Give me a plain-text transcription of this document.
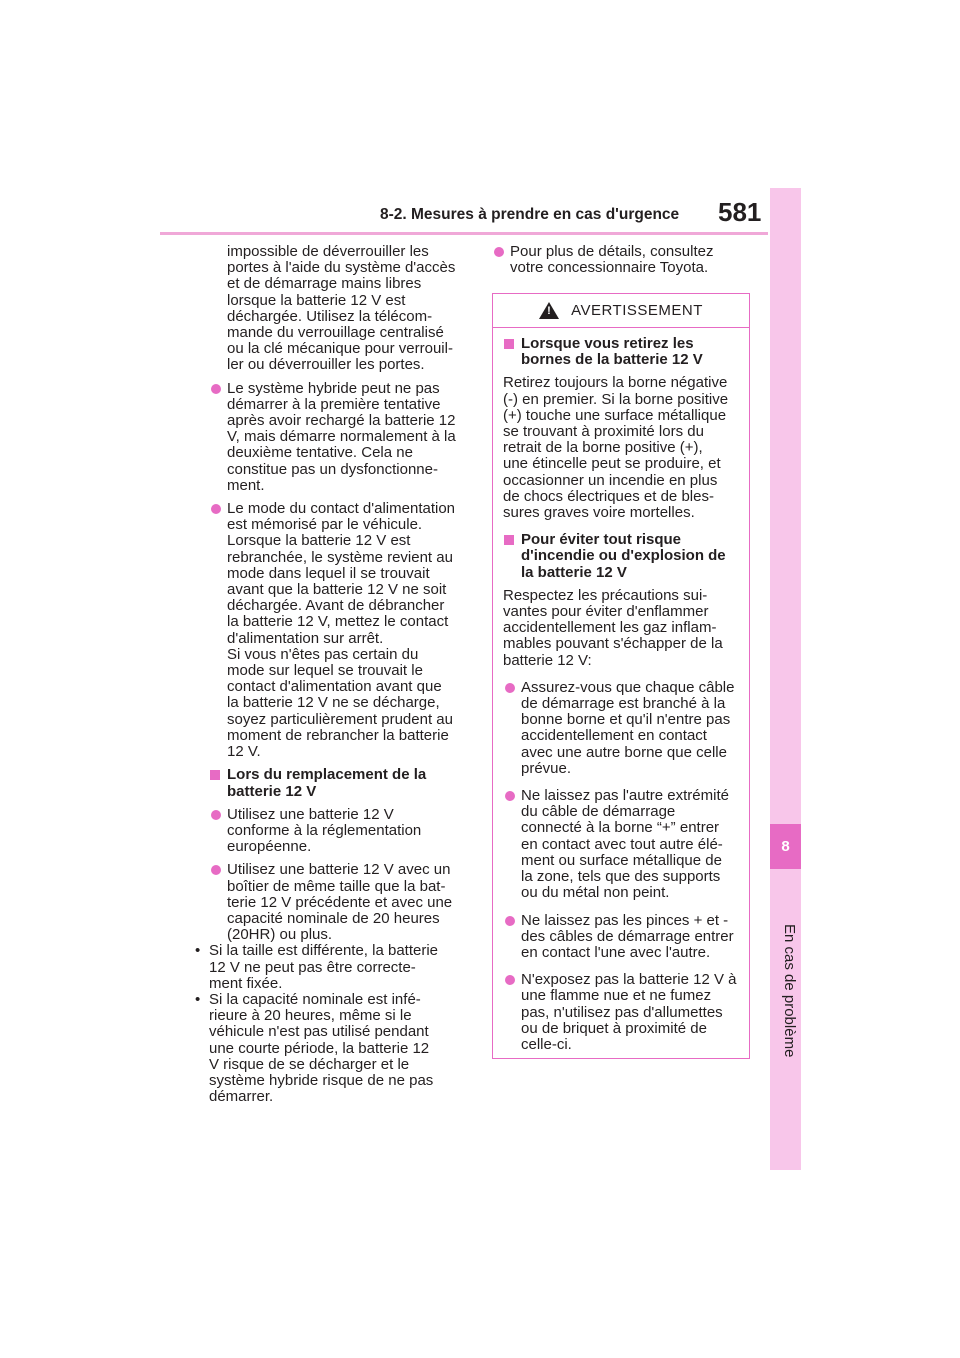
8-2. Mesures à prendre en cas d'urgence 581
8
En cas de problème
impossible de déverrouiller les
portes à l'aide du système d'accès
et de démarrage mains libres
lorsque la batterie 12 V est
déchargée. Utilisez la télécom-
mande du verrouillage centralisé
ou la clé mécanique pour verrouil-
ler ou déverrouiller les portes.
Le système hybride peut ne pas
démarrer à la première tentative
après avoir rechargé la batterie 12
V, mais démarre normalement à la
deuxième tentative. Cela ne
constitue pas un dysfonctionne-
ment.
Le mode du contact d'alimentation
est mémorisé par le véhicule.
Lorsque la batterie 12 V est
rebranchée, le système revient au
mode dans lequel il se trouvait
avant que la batterie 12 V ne soit
déchargée. Avant de débrancher
la batterie 12 V, mettez le contact
d'alimentation sur arrêt.
Si vous n'êtes pas certain du
mode sur lequel se trouvait le
contact d'alimentation avant que
la batterie 12 V ne se décharge,
soyez particulièrement prudent au
moment de rebrancher la batterie
12 V.
Lors du remplacement de la
batterie 12 V
Utilisez une batterie 12 V
conforme à la réglementation
européenne.
Utilisez une batterie 12 V avec un
boîtier de même taille que la bat-
terie 12 V précédente et avec une
capacité nominale de 20 heures
(20HR) ou plus.
• Si la taille est différente, la batterie
12 V ne peut pas être correcte-
ment fixée.
• Si la capacité nominale est infé-
rieure à 20 heures, même si le
véhicule n'est pas utilisé pendant
une courte période, la batterie 12
V risque de se décharger et le
système hybride risque de ne pas
démarrer.
Pour plus de détails, consultez
votre concessionnaire Toyota.
! AVERTISSEMENT
Lorsque vous retirez les
bornes de la batterie 12 V
Retirez toujours la borne négative
(-) en premier. Si la borne positive
(+) touche une surface métallique
se trouvant à proximité lors du
retrait de la borne positive (+),
une étincelle peut se produire, et
occasionner un incendie en plus
de chocs électriques et de bles-
sures graves voire mortelles.
Pour éviter tout risque
d'incendie ou d'explosion de
la batterie 12 V
Respectez les précautions sui-
vantes pour éviter d'enflammer
accidentellement les gaz inflam-
mables pouvant s'échapper de la
batterie 12 V:
Assurez-vous que chaque câble
de démarrage est branché à la
bonne borne et qu'il n'entre pas
accidentellement en contact
avec une autre borne que celle
prévue.
Ne laissez pas l'autre extrémité
du câble de démarrage
connecté à la borne “+” entrer
en contact avec tout autre élé-
ment ou surface métallique de
la zone, tels que des supports
ou du métal non peint.
Ne laissez pas les pinces + et -
des câbles de démarrage entrer
en contact l'une avec l'autre.
N'exposez pas la batterie 12 V à
une flamme nue et ne fumez
pas, n'utilisez pas d'allumettes
ou de briquet à proximité de
celle-ci.
